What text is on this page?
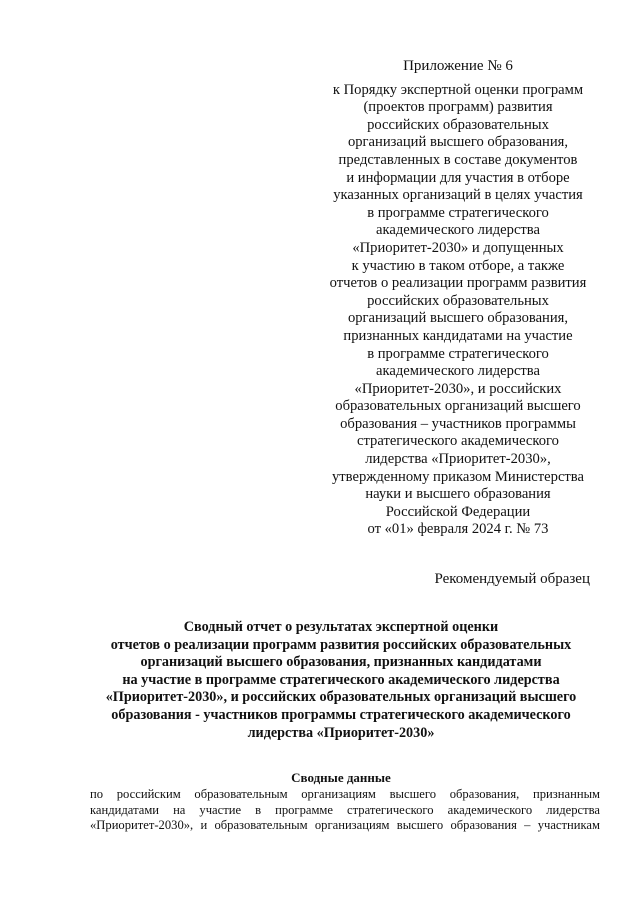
Приложение № 6
к Порядку экспертной оценки программ
(проектов программ) развития
российских образовательных
организаций высшего образования,
представленных в составе документов
и информации для участия в отборе
указанных организаций в целях участия
в программе стратегического
академического лидерства
«Приоритет-2030» и допущенных
к участию в таком отборе, а также
отчетов о реализации программ развития
российских образовательных
организаций высшего образования,
признанных кандидатами на участие
в программе стратегического
академического лидерства
«Приоритет-2030», и российских
образовательных организаций высшего
образования – участников программы
стратегического академического
лидерства «Приоритет-2030»,
утвержденному приказом Министерства
науки и высшего образования
Российской Федерации
от «01» февраля 2024 г. № 73
Рекомендуемый образец
Сводный отчет о результатах экспертной оценки
отчетов о реализации программ развития российских образовательных
организаций высшего образования, признанных кандидатами
на участие в программе стратегического академического лидерства
«Приоритет-2030», и российских образовательных организаций высшего
образования - участников программы стратегического академического
лидерства «Приоритет-2030»
Сводные данные
по российским образовательным организациям высшего образования, признанным
кандидатами на участие в программе стратегического академического лидерства
«Приоритет-2030», и образовательным организациям высшего образования – участникам
